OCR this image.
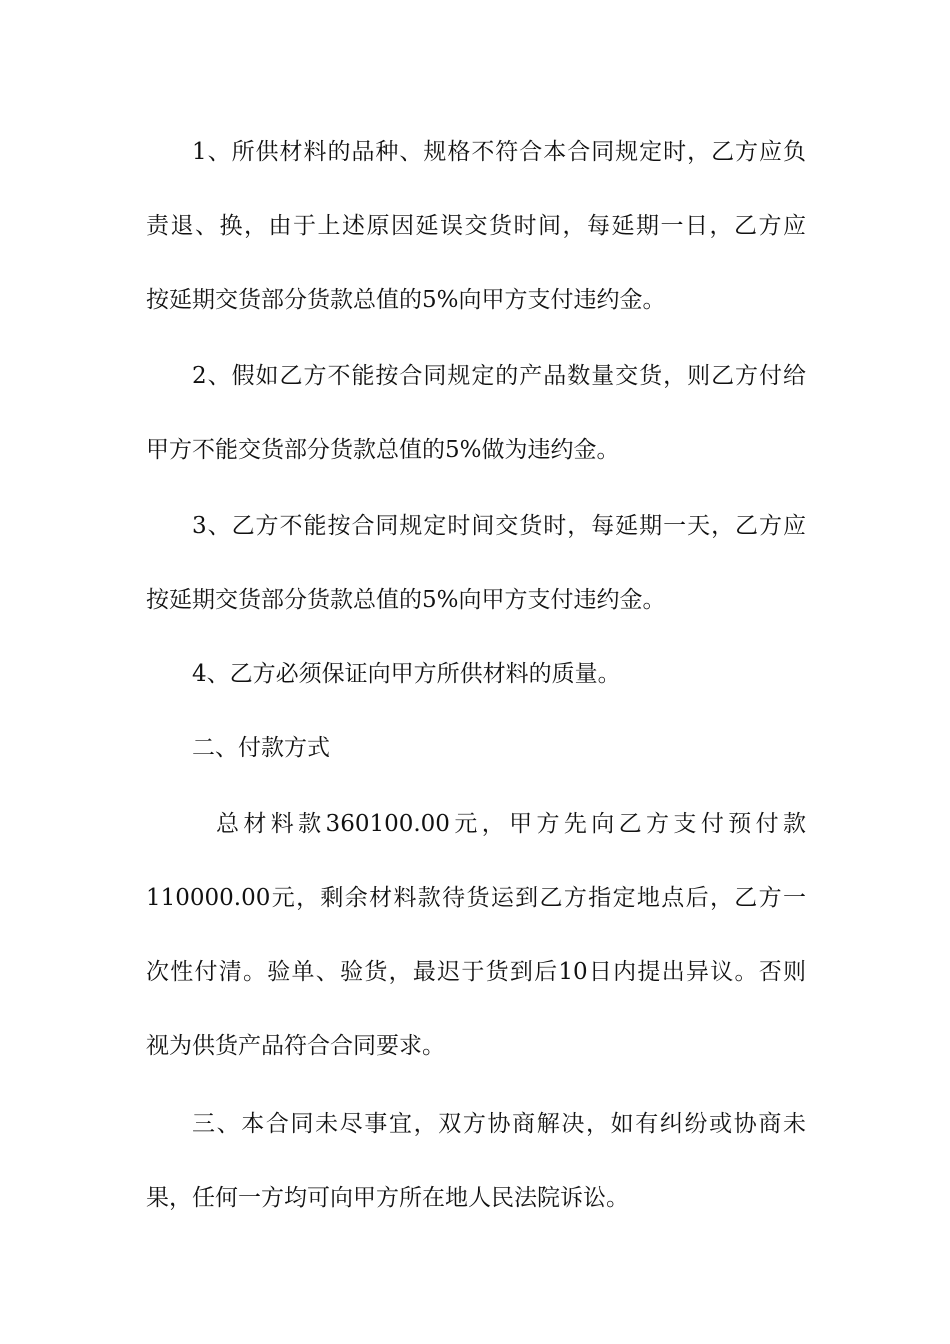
1、所供材料的品种、规格不符合本合同规定时，乙方应负
责退、换，由于上述原因延误交货时间，每延期一日，乙方应
按延期交货部分货款总值的5%向甲方支付违约金。
2、假如乙方不能按合同规定的产品数量交货，则乙方付给
甲方不能交货部分货款总值的5%做为违约金。
3、乙方不能按合同规定时间交货时，每延期一天，乙方应
按延期交货部分货款总值的5%向甲方支付违约金。
4、乙方必须保证向甲方所供材料的质量。
二、付款方式
总材料款360100.00元，甲方先向乙方支付预付款
110000.00元，剩余材料款待货运到乙方指定地点后，乙方一
次性付清。验单、验货，最迟于货到后10日内提出异议。否则
视为供货产品符合合同要求。
三、本合同未尽事宜，双方协商解决，如有纠纷或协商未
果，任何一方均可向甲方所在地人民法院诉讼。
